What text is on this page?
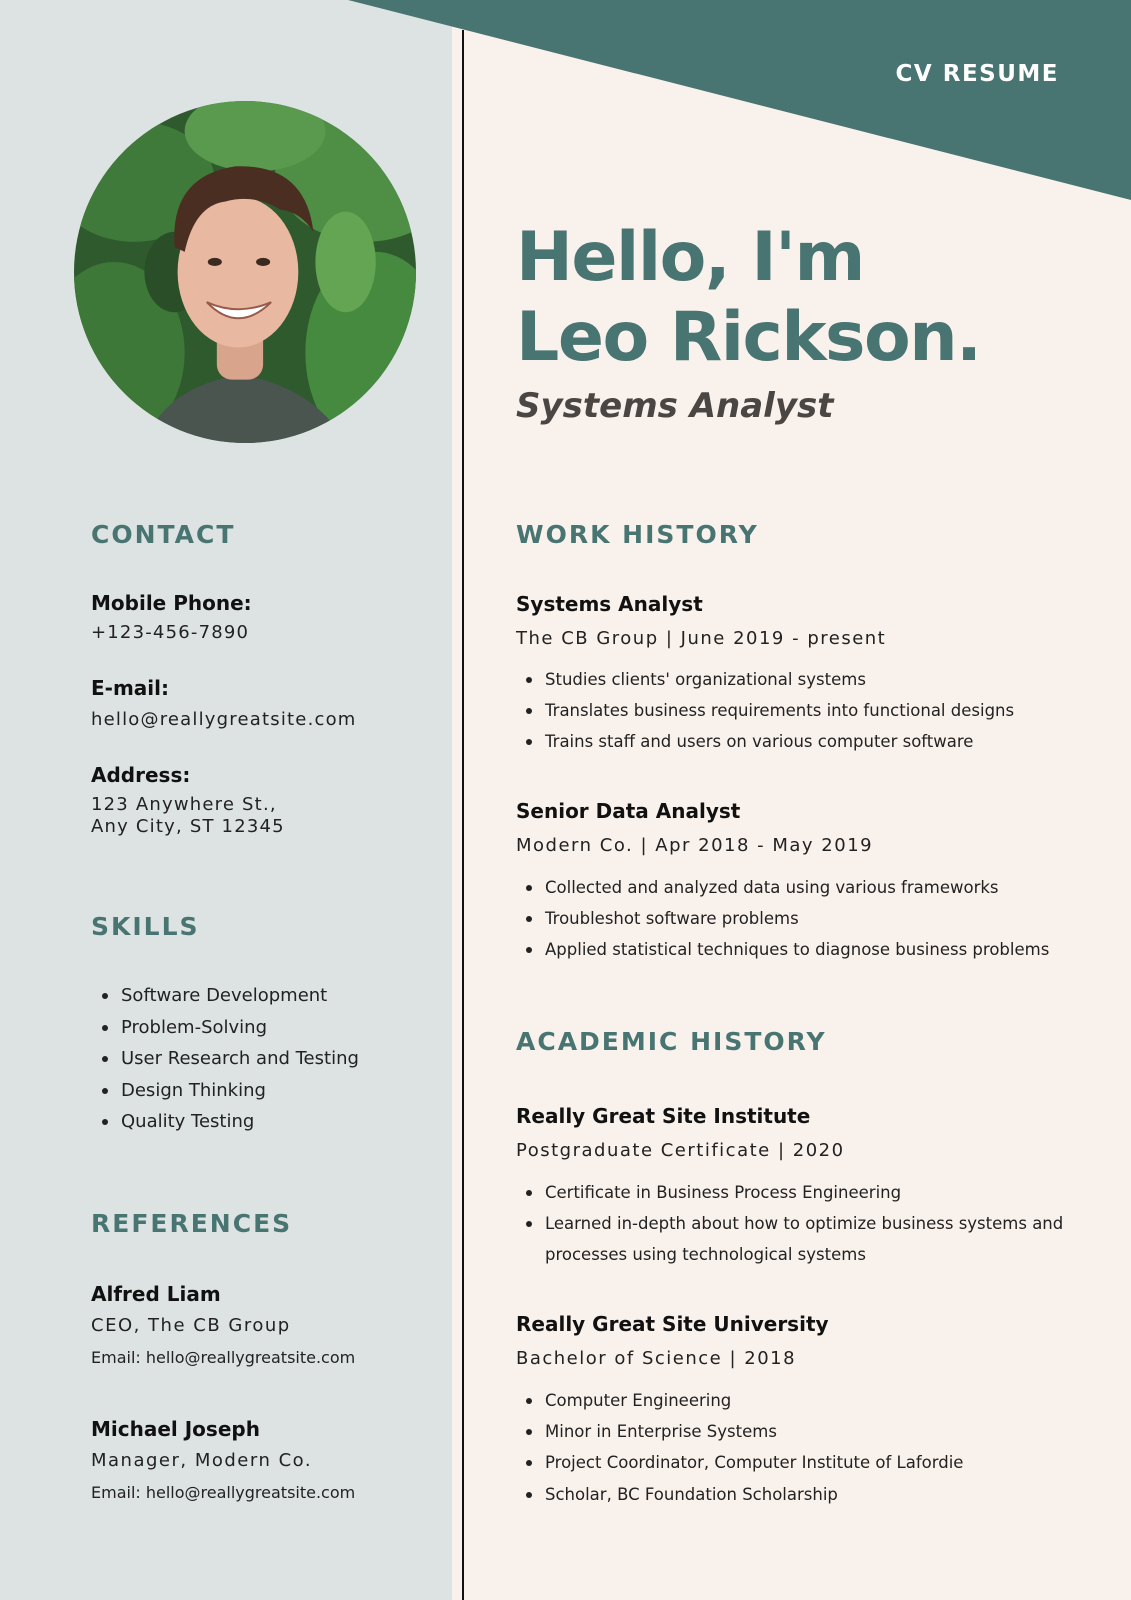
CV RESUME
Hello, I'm
Leo Rickson.
Systems Analyst
CONTACT

Mobile Phone:

+123-456-7890

E-mail:

hello@reallygreatsite.com

Address:

123 Anywhere St.,

Any City, ST 12345

SKILLS
Software Development
Problem-Solving
User Research and Testing
Design Thinking
Quality Testing
REFERENCES

Alfred Liam

CEO, The CB Group

Email: hello@reallygreatsite.com

Michael Joseph

Manager, Modern Co.

Email: hello@reallygreatsite.com

WORK HISTORY

Systems Analyst

The CB Group | June 2019 - present

Studies clients' organizational systems
Translates business requirements into functional designs
Trains staff and users on various computer software

Senior Data Analyst

Modern Co. | Apr 2018 - May 2019

Collected and analyzed data using various frameworks
Troubleshot software problems
Applied statistical techniques to diagnose business problems
ACADEMIC HISTORY

Really Great Site Institute

Postgraduate Certificate | 2020

Certificate in Business Process Engineering
Learned in-depth about how to optimize business systems and processes using technological systems

Really Great Site University

Bachelor of Science | 2018

Computer Engineering
Minor in Enterprise Systems
Project Coordinator, Computer Institute of Lafordie
Scholar, BC Foundation Scholarship
